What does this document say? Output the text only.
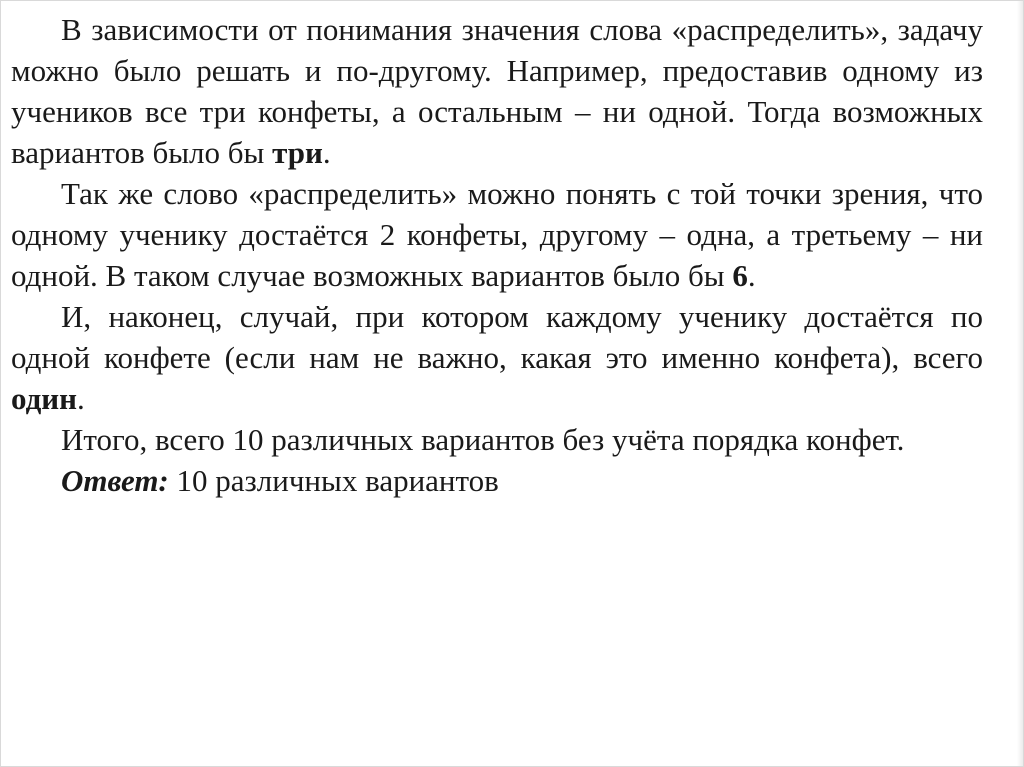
В зависимости от понимания значения слова «распределить», задачу можно было решать и по-другому. Например, предоставив одному из учеников все три конфеты, а остальным – ни одной. Тогда возможных вариантов было бы три.

Так же слово «распределить» можно понять с той точки зрения, что одному ученику достаётся 2 конфеты, другому – одна, а третьему – ни одной. В таком случае возможных вариантов было бы 6.

И, наконец, случай, при котором каждому ученику достаётся по одной конфете (если нам не важно, какая это именно конфета), всего один.

Итого, всего 10 различных вариантов без учёта порядка конфет.

Ответ: 10 различных вариантов
